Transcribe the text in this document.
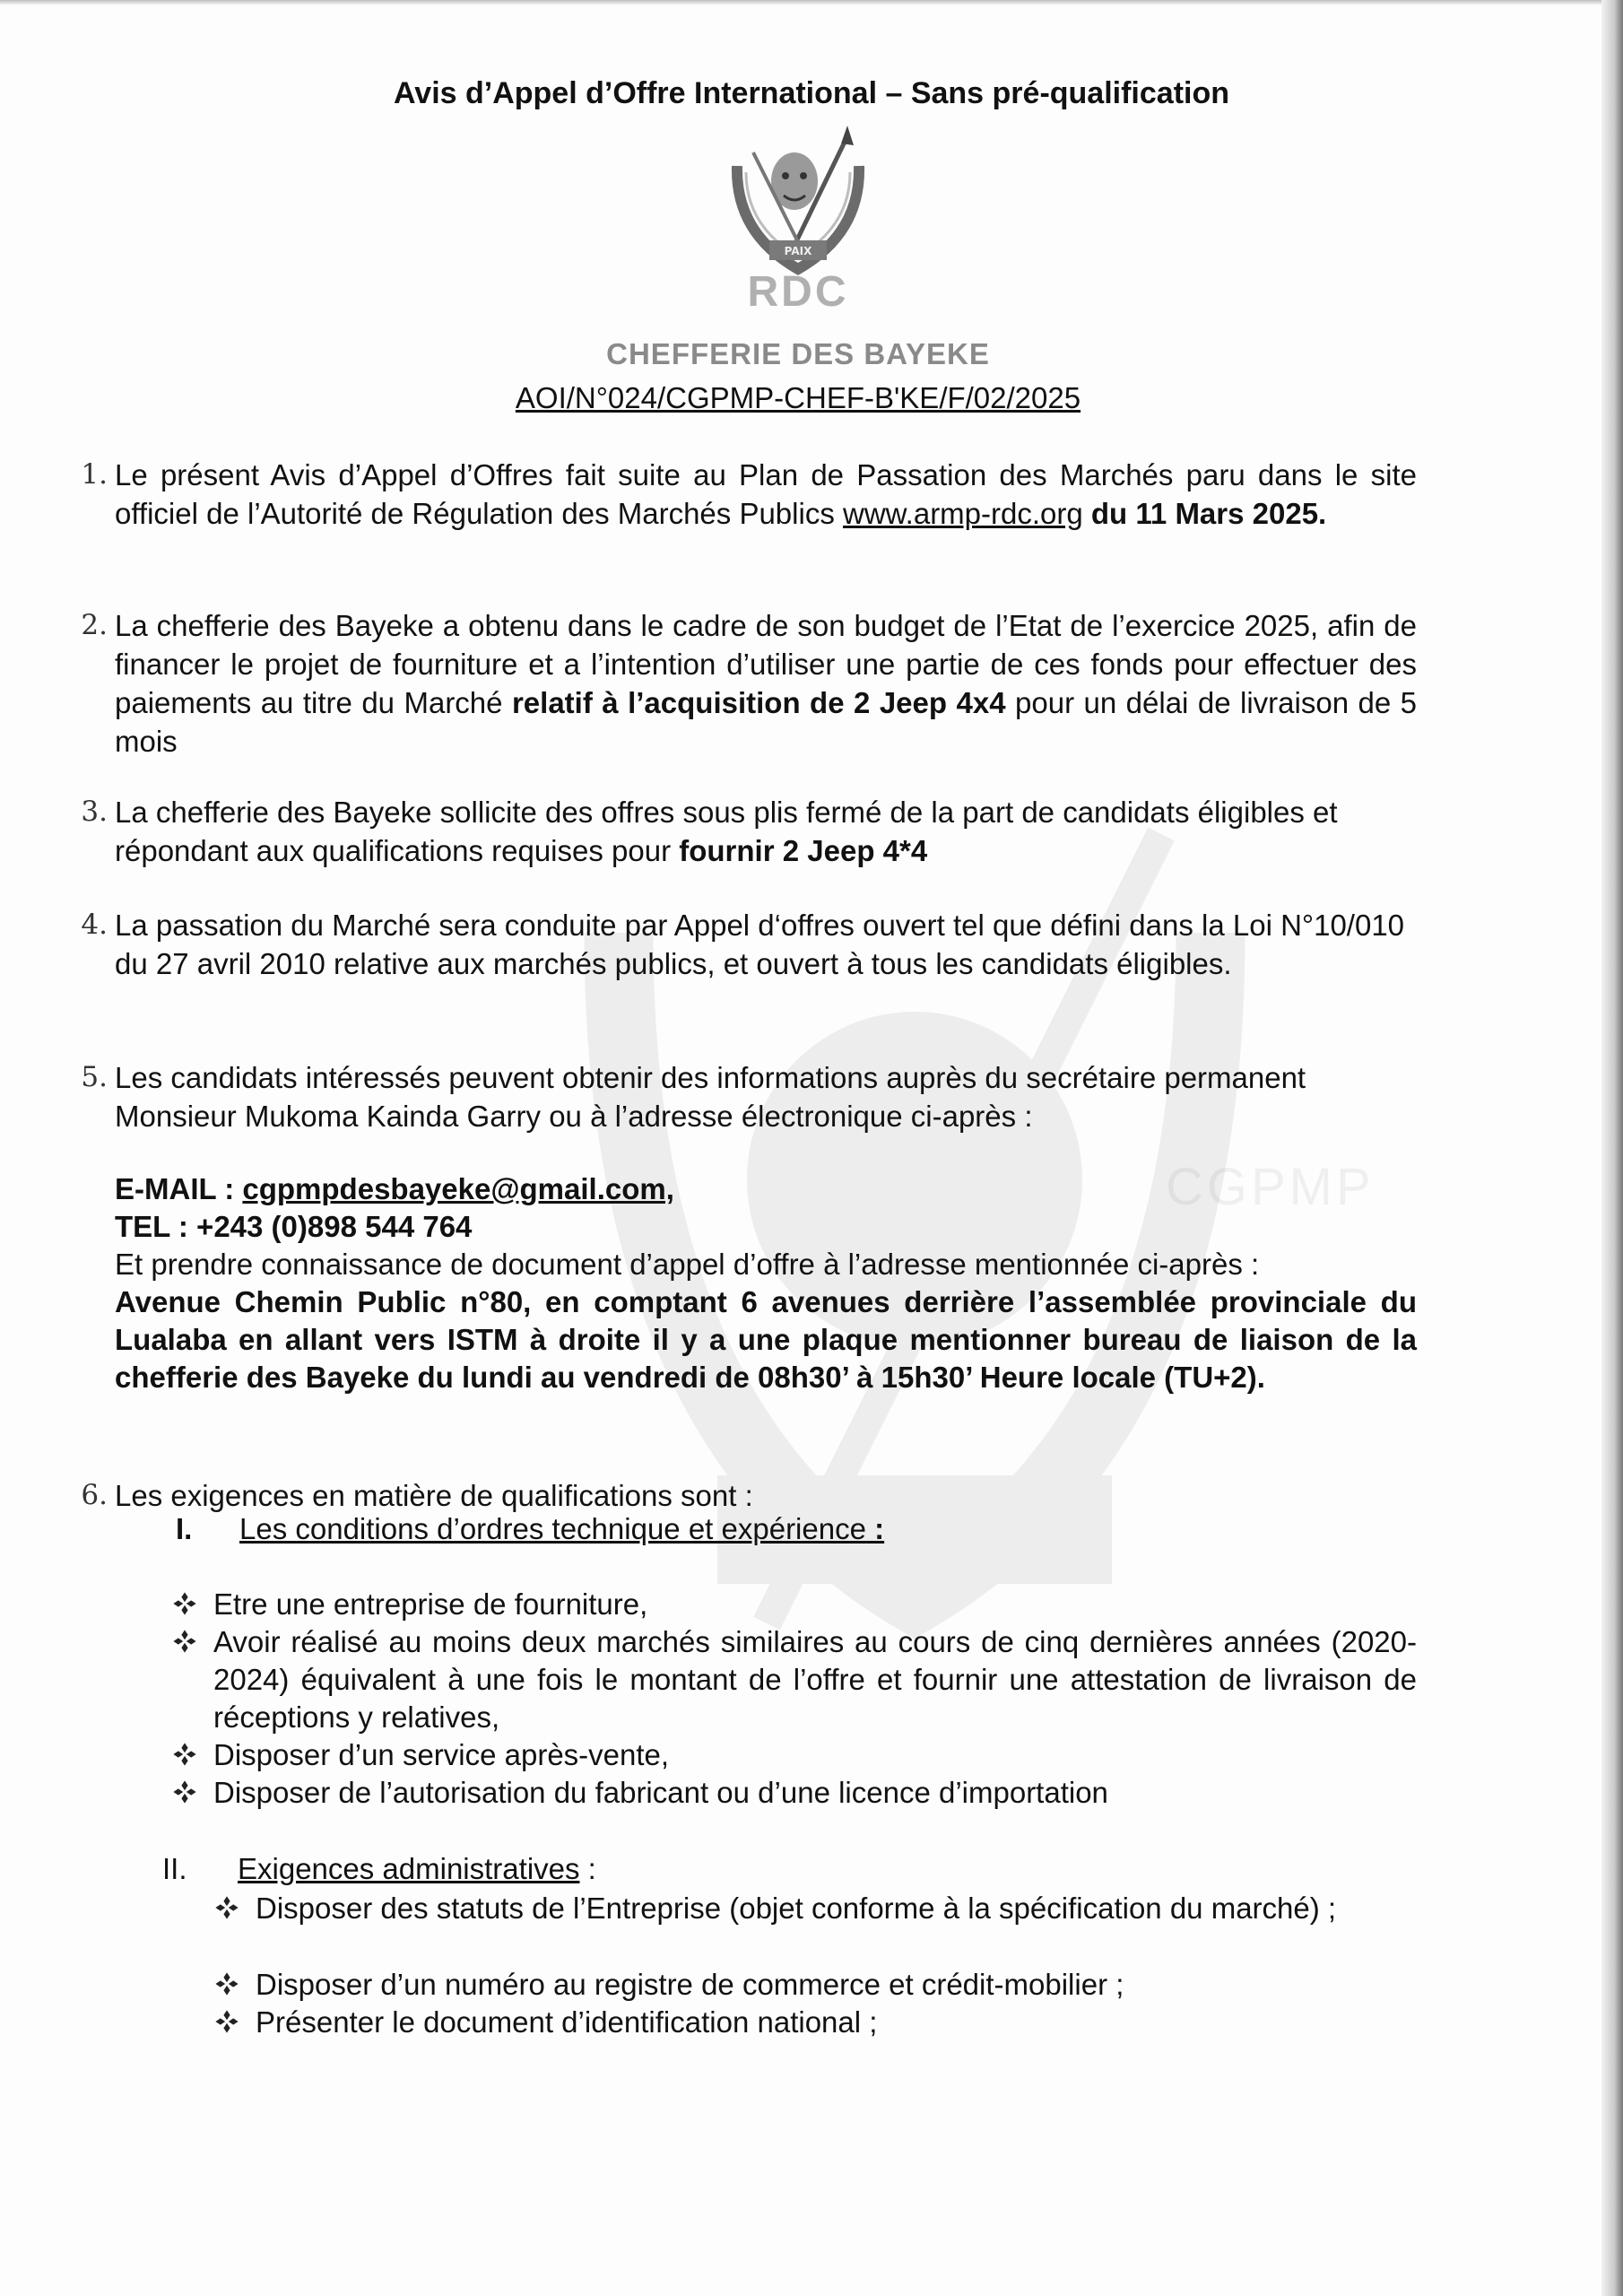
CGPMP
Avis d’Appel d’Offre International – Sans pré-qualification
PAIX
RDC
CHEFFERIE DES BAYEKE
AOI/N°024/CGPMP-CHEF-B'KE/F/02/2025
1. Le présent Avis d’Appel d’Offres fait suite au Plan de Passation des Marchés paru dans le site officiel de l’Autorité de Régulation des Marchés Publics www.armp-rdc.org du 11 Mars 2025.
2. La chefferie des Bayeke a obtenu dans le cadre de son budget de l’Etat de l’exercice 2025, afin de financer le projet de fourniture et a l’intention d’utiliser une partie de ces fonds pour effectuer des paiements au titre du Marché relatif à l’acquisition de 2 Jeep 4x4 pour un délai de livraison de 5 mois
3. La chefferie des Bayeke sollicite des offres sous plis fermé de la part de candidats éligibles et répondant aux qualifications requises pour fournir 2 Jeep 4*4
4. La passation du Marché sera conduite par Appel d‘offres ouvert tel que défini dans la Loi N°10/010 du 27 avril 2010 relative aux marchés publics, et ouvert à tous les candidats éligibles.
5. Les candidats intéressés peuvent obtenir des informations auprès du secrétaire permanent Monsieur Mukoma Kainda Garry ou à l’adresse électronique ci-après :
E-MAIL : cgpmpdesbayeke@gmail.com,
TEL : +243 (0)898 544 764
Et prendre connaissance de document d’appel d’offre à l’adresse mentionnée ci-après :
Avenue Chemin Public n°80, en comptant 6 avenues derrière l’assemblée provinciale du Lualaba en allant vers ISTM à droite il y a une plaque mentionner bureau de liaison de la chefferie des Bayeke du lundi au vendredi de 08h30’ à 15h30’ Heure locale (TU+2).
6. Les exigences en matière de qualifications sont :
I. Les conditions d’ordres technique et expérience :
Etre une entreprise de fourniture,
Avoir réalisé au moins deux marchés similaires au cours de cinq dernières années (2020-2024) équivalent à une fois le montant de l’offre et fournir une attestation de livraison de réceptions y relatives,
Disposer d’un service après-vente,
Disposer de l’autorisation du fabricant ou d’une licence d’importation
II. Exigences administratives :
Disposer des statuts de l’Entreprise (objet conforme à la spécification du marché) ;
Disposer d’un numéro au registre de commerce et crédit-mobilier ;
Présenter le document d’identification national ;
